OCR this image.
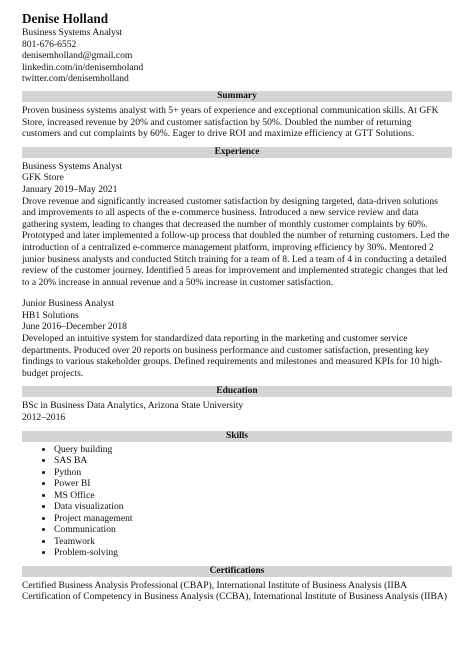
Denise Holland
Business Systems Analyst
801-676-6552
denisemholland@gmail.com
linkedin.com/in/denisemholand
twitter.com/denisemholland
Summary
Proven business systems analyst with 5+ years of experience and exceptional communication skills. At GFK Store, increased revenue by 20% and customer satisfaction by 50%. Doubled the number of returning customers and cut complaints by 60%. Eager to drive ROI and maximize efficiency at GTT Solutions.
Experience
Business Systems Analyst
GFK Store
January 2019–May 2021
Drove revenue and significantly increased customer satisfaction by designing targeted, data-driven solutions and improvements to all aspects of the e-commerce business. Introduced a new service review and data gathering system, leading to changes that decreased the number of monthly customer complaints by 60%. Prototyped and later implemented a follow-up process that doubled the number of returning customers. Led the introduction of a centralized e-commerce management platform, improving efficiency by 30%. Mentored 2 junior business analysts and conducted Stitch training for a team of 8. Led a team of 4 in conducting a detailed review of the customer journey. Identified 5 areas for improvement and implemented strategic changes that led to a 20% increase in annual revenue and a 50% increase in customer satisfaction.
Junior Business Analyst
HB1 Solutions
June 2016–December 2018
Developed an intuitive system for standardized data reporting in the marketing and customer service departments. Produced over 20 reports on business performance and customer satisfaction, presenting key findings to various stakeholder groups. Defined requirements and milestones and measured KPIs for 10 high-budget projects.
Education
BSc in Business Data Analytics, Arizona State University
2012–2016
Skills
• Query building
• SAS BA
• Python
• Power BI
• MS Office
• Data visualization
• Project management
• Communication
• Teamwork
• Problem-solving
Certifications
Certified Business Analysis Professional (CBAP), International Institute of Business Analysis (IIBA
Certification of Competency in Business Analysis (CCBA), International Institute of Business Analysis (IIBA)
